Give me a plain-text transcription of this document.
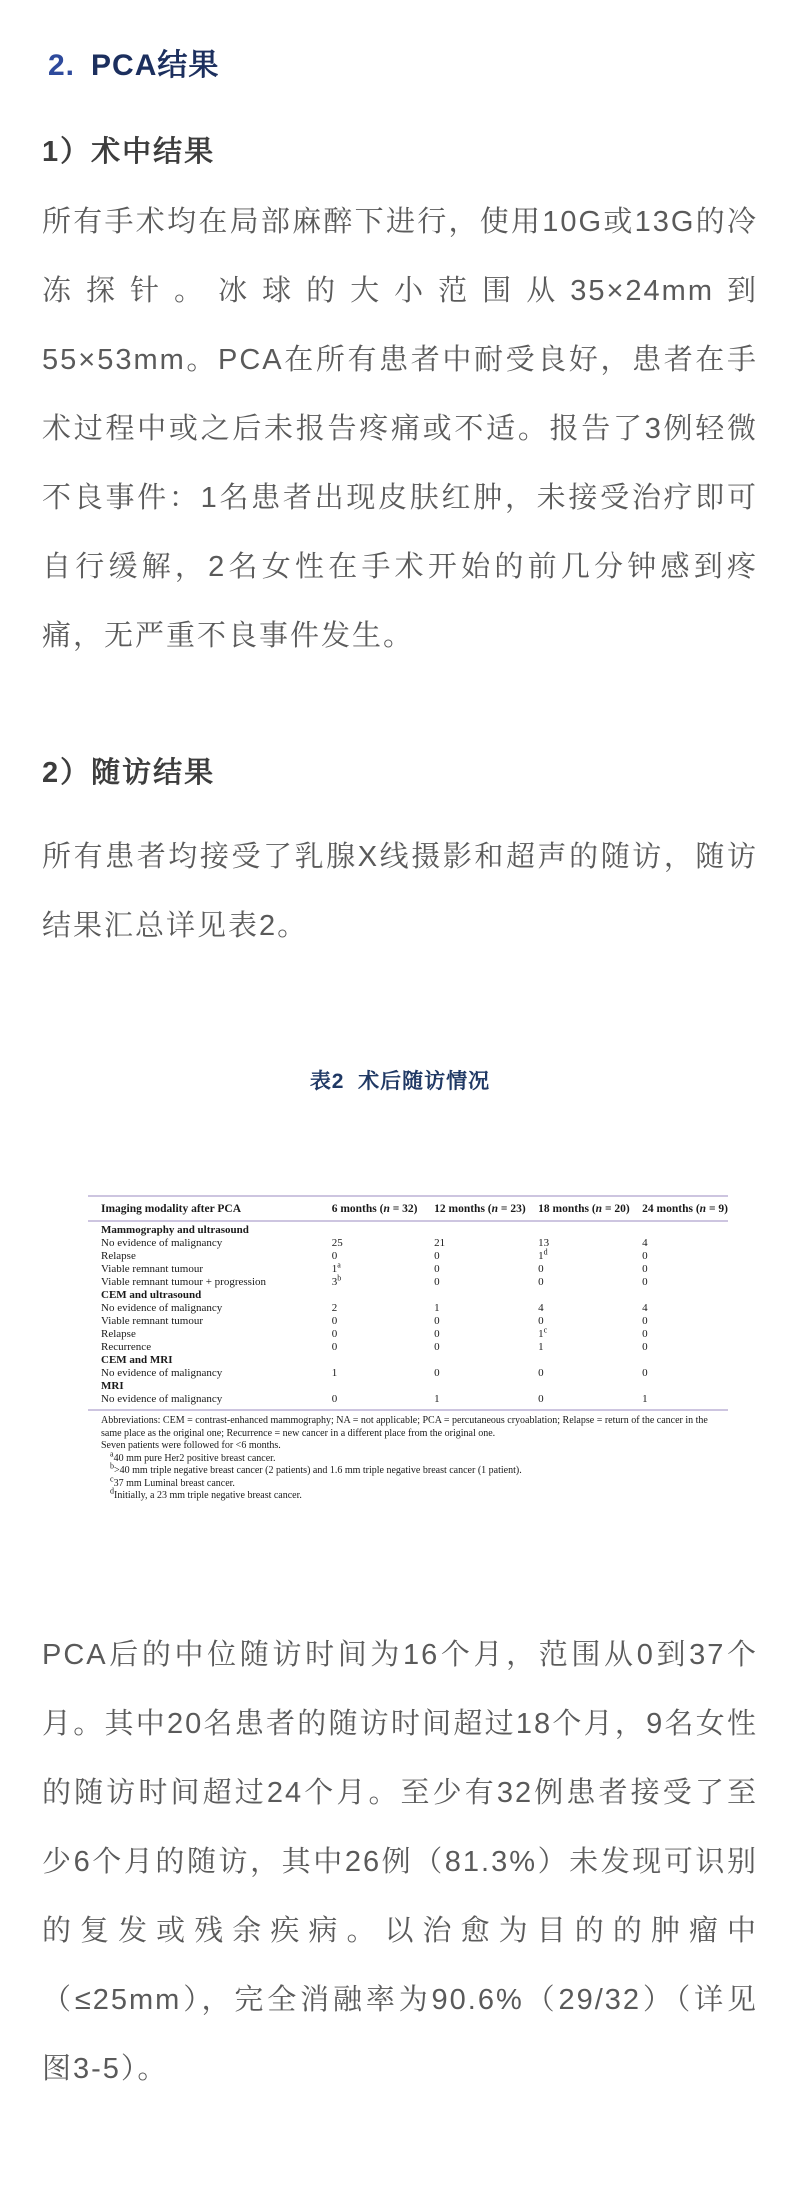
2. PCA结果
1）术中结果
所有手术均在局部麻醉下进行，使用10G或13G的冷冻探针。冰球的大小范围从35×24mm到55×53mm。PCA在所有患者中耐受良好，患者在手术过程中或之后未报告疼痛或不适。报告了3例轻微不良事件：1名患者出现皮肤红肿，未接受治疗即可自行缓解，2名女性在手术开始的前几分钟感到疼痛，无严重不良事件发生。
2）随访结果
所有患者均接受了乳腺X线摄影和超声的随访，随访结果汇总详见表2。
表2  术后随访情况
Imaging modality after PCA	6 months (n = 32)	12 months (n = 23)	18 months (n = 20)	24 months (n = 9)
Mammography and ultrasound				
No evidence of malignancy	25	21	13	4
Relapse	0	0	1$^d$	0
Viable remnant tumour	1$^a$	0	0	0
Viable remnant tumour + progression	3$^b$	0	0	0
CEM and ultrasound				
No evidence of malignancy	2	1	4	4
Viable remnant tumour	0	0	0	0
Relapse	0	0	1$^c$	0
Recurrence	0	0	1	0
CEM and MRI				
No evidence of malignancy	1	0	0	0
MRI				
No evidence of malignancy	0	1	0	1
Abbreviations: CEM = contrast-enhanced mammography; NA = not applicable; PCA = percutaneous cryoablation; Relapse = return of the cancer in the same place as the original one; Recurrence = new cancer in a different place from the original one.
Seven patients were followed for <6 months.
$^a$40 mm pure Her2 positive breast cancer.
$^b$>40 mm triple negative breast cancer (2 patients) and 1.6 mm triple negative breast cancer (1 patient).
$^c$37 mm Luminal breast cancer.
$^d$Initially, a 23 mm triple negative breast cancer.
PCA后的中位随访时间为16个月，范围从0到37个月。其中20名患者的随访时间超过18个月，9名女性的随访时间超过24个月。至少有32例患者接受了至少6个月的随访，其中26例（81.3%）未发现可识别的复发或残余疾病。以治愈为目的的肿瘤中（≤25mm），完全消融率为90.6%（29/32）（详见图3-5）。
